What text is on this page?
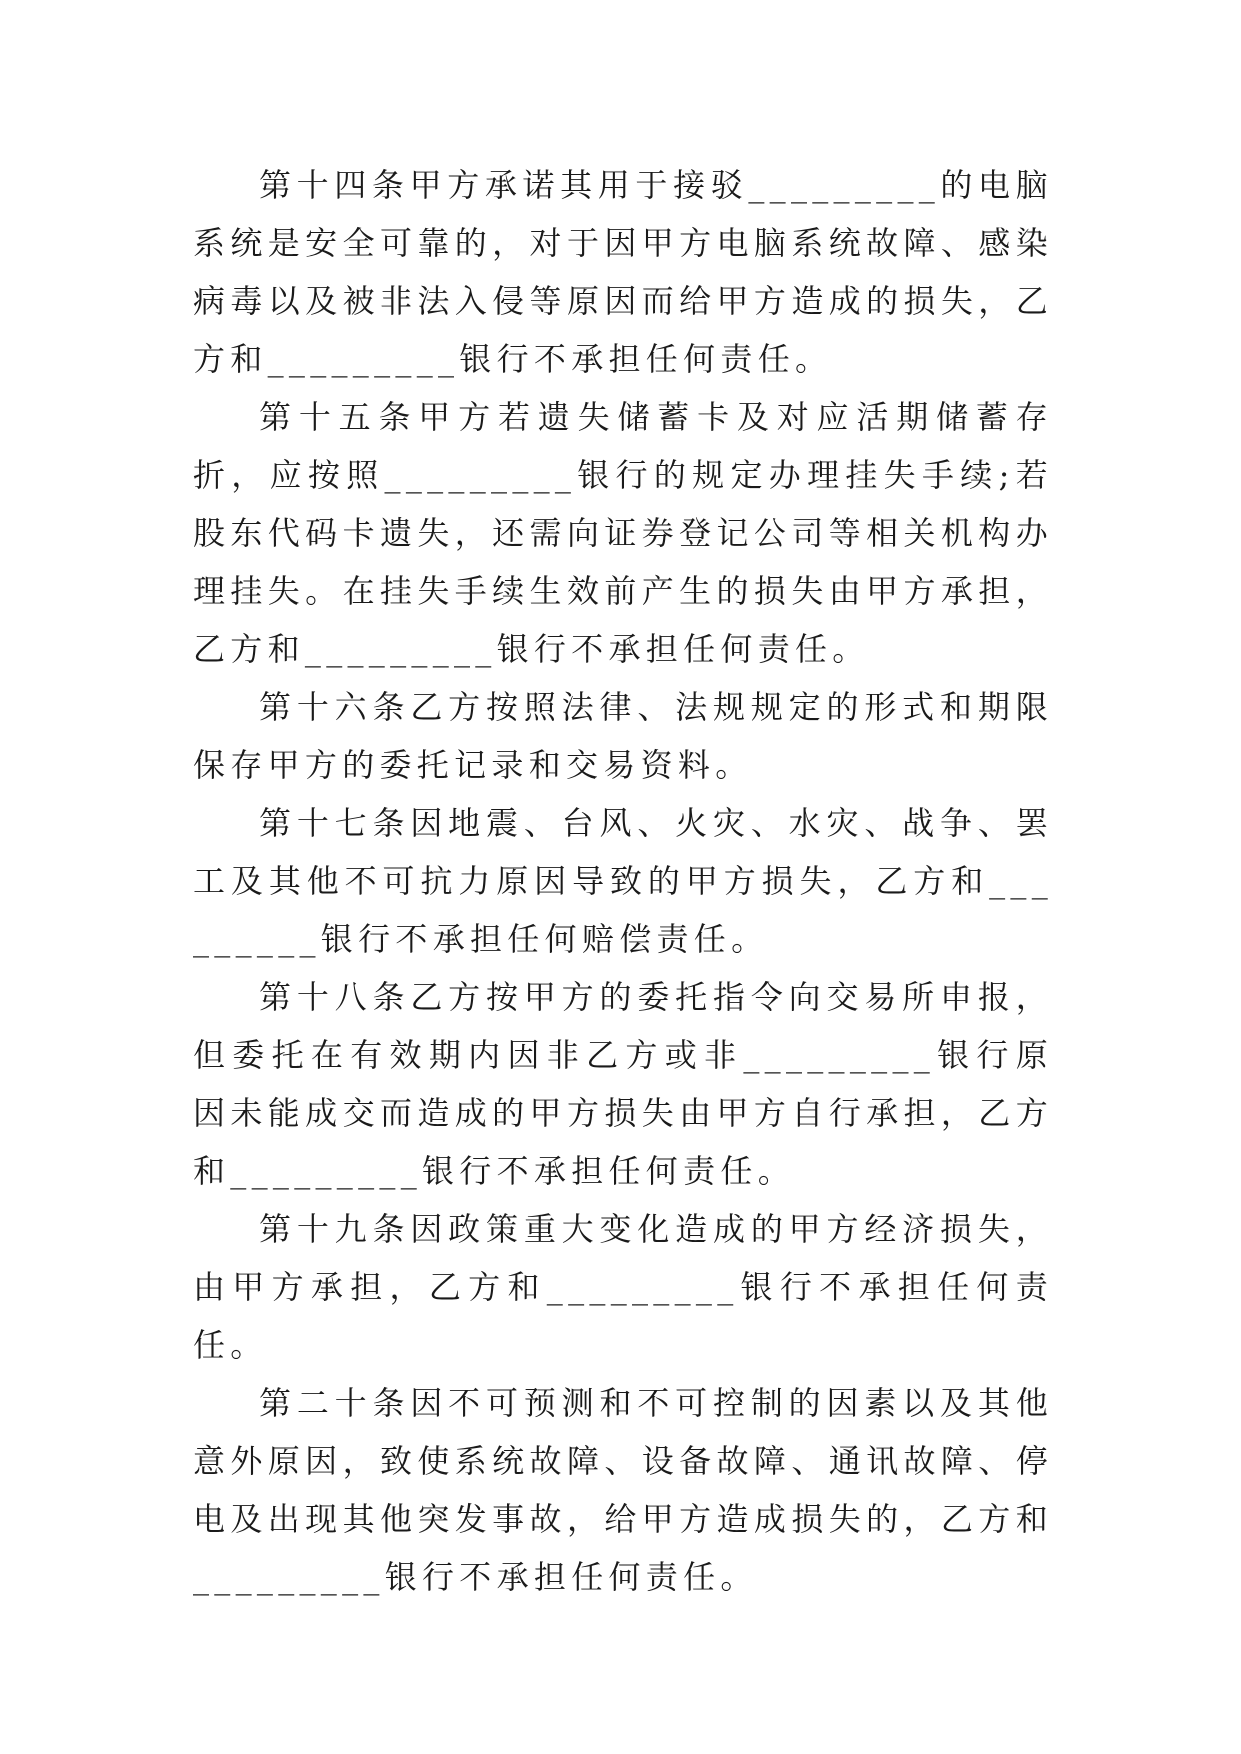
第十四条甲方承诺其用于接驳_________的电脑系统是安全可靠的，对于因甲方电脑系统故障、感染病毒以及被非法入侵等原因而给甲方造成的损失，乙方和_________银行不承担任何责任。

第十五条甲方若遗失储蓄卡及对应活期储蓄存折，应按照_________银行的规定办理挂失手续;若股东代码卡遗失，还需向证券登记公司等相关机构办理挂失。在挂失手续生效前产生的损失由甲方承担，乙方和_________银行不承担任何责任。

第十六条乙方按照法律、法规规定的形式和期限保存甲方的委托记录和交易资料。

第十七条因地震、台风、火灾、水灾、战争、罢工及其他不可抗力原因导致的甲方损失，乙方和_________银行不承担任何赔偿责任。

第十八条乙方按甲方的委托指令向交易所申报，但委托在有效期内因非乙方或非_________银行原因未能成交而造成的甲方损失由甲方自行承担，乙方和_________银行不承担任何责任。

第十九条因政策重大变化造成的甲方经济损失，由甲方承担，乙方和_________银行不承担任何责任。

第二十条因不可预测和不可控制的因素以及其他意外原因，致使系统故障、设备故障、通讯故障、停电及出现其他突发事故，给甲方造成损失的，乙方和_________银行不承担任何责任。
